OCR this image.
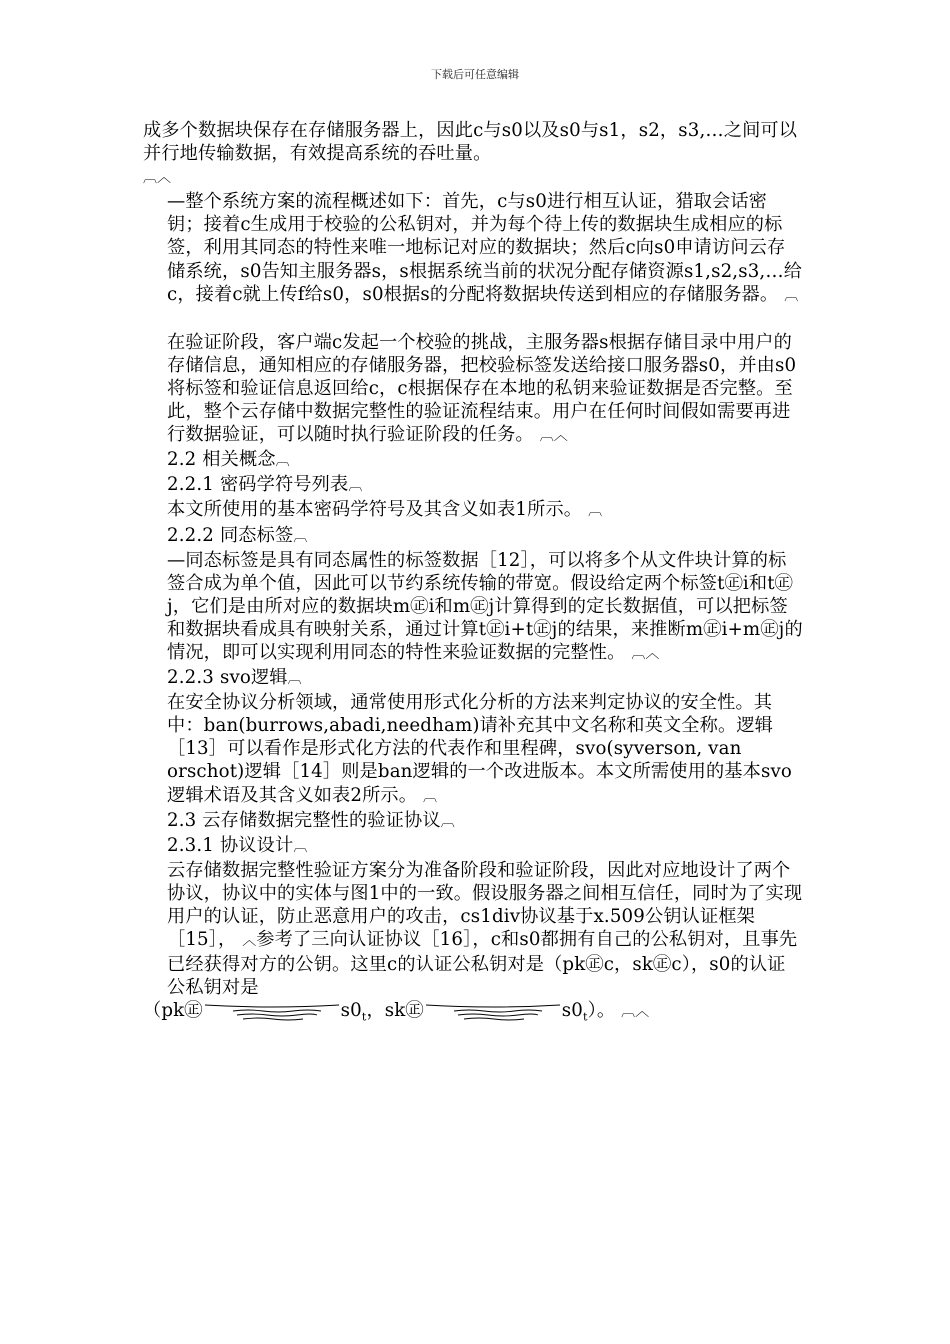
下载后可任意编辑

成多个数据块保存在存储服务器上，因此c与s0以及s0与s1，s2，s3,…之间可以并行地传输数据，有效提高系统的吞吐量。
︹︿

—整个系统方案的流程概述如下：首先，c与s0进行相互认证，猎取会话密钥；接着c生成用于校验的公私钥对，并为每个待上传的数据块生成相应的标签，利用其同态的特性来唯一地标记对应的数据块；然后c向s0申请访问云存储系统，s0告知主服务器s，s根据系统当前的状况分配存储资源s1,s2,s3,…给c，接着c就上传f给s0，s0根据s的分配将数据块传送到相应的存储服务器。 ︹

在验证阶段，客户端c发起一个校验的挑战，主服务器s根据存储目录中用户的存储信息，通知相应的存储服务器，把校验标签发送给接口服务器s0，并由s0将标签和验证信息返回给c，c根据保存在本地的私钥来验证数据是否完整。至此，整个云存储中数据完整性的验证流程结束。用户在任何时间假如需要再进行数据验证，可以随时执行验证阶段的任务。 ︹︿

2.2 相关概念︹

2.2.1 密码学符号列表︹

本文所使用的基本密码学符号及其含义如表1所示。 ︹

2.2.2 同态标签︹

—同态标签是具有同态属性的标签数据［12］，可以将多个从文件块计算的标签合成为单个值，因此可以节约系统传输的带宽。假设给定两个标签t㊣i和t㊣j，它们是由所对应的数据块m㊣i和m㊣j计算得到的定长数据值，可以把标签和数据块看成具有映射关系，通过计算t㊣i+t㊣j的结果，来推断m㊣i+m㊣j的情况，即可以实现利用同态的特性来验证数据的完整性。 ︹︿

2.2.3 svo逻辑︹

在安全协议分析领域，通常使用形式化分析的方法来判定协议的安全性。其中：ban(burrows,abadi,needham)请补充其中文名称和英文全称。逻辑［13］可以看作是形式化方法的代表作和里程碑，svo(syverson, van orschot)逻辑［14］则是ban逻辑的一个改进版本。本文所需使用的基本svo逻辑术语及其含义如表2所示。 ︹

2.3 云存储数据完整性的验证协议︹

2.3.1 协议设计︹

云存储数据完整性验证方案分为准备阶段和验证阶段，因此对应地设计了两个协议，协议中的实体与图1中的一致。假设服务器之间相互信任，同时为了实现用户的认证，防止恶意用户的攻击，cs1div协议基于x.509公钥认证框架［15］， ︿参考了三向认证协议［16］，c和s0都拥有自己的公私钥对，且事先已经获得对方的公钥。这里c的认证公私钥对是（pk㊣c，sk㊣c），s0的认证公私钥对是

（pk㊣	$s0_t$，sk㊣	$s0_t$）。 ︹︿
